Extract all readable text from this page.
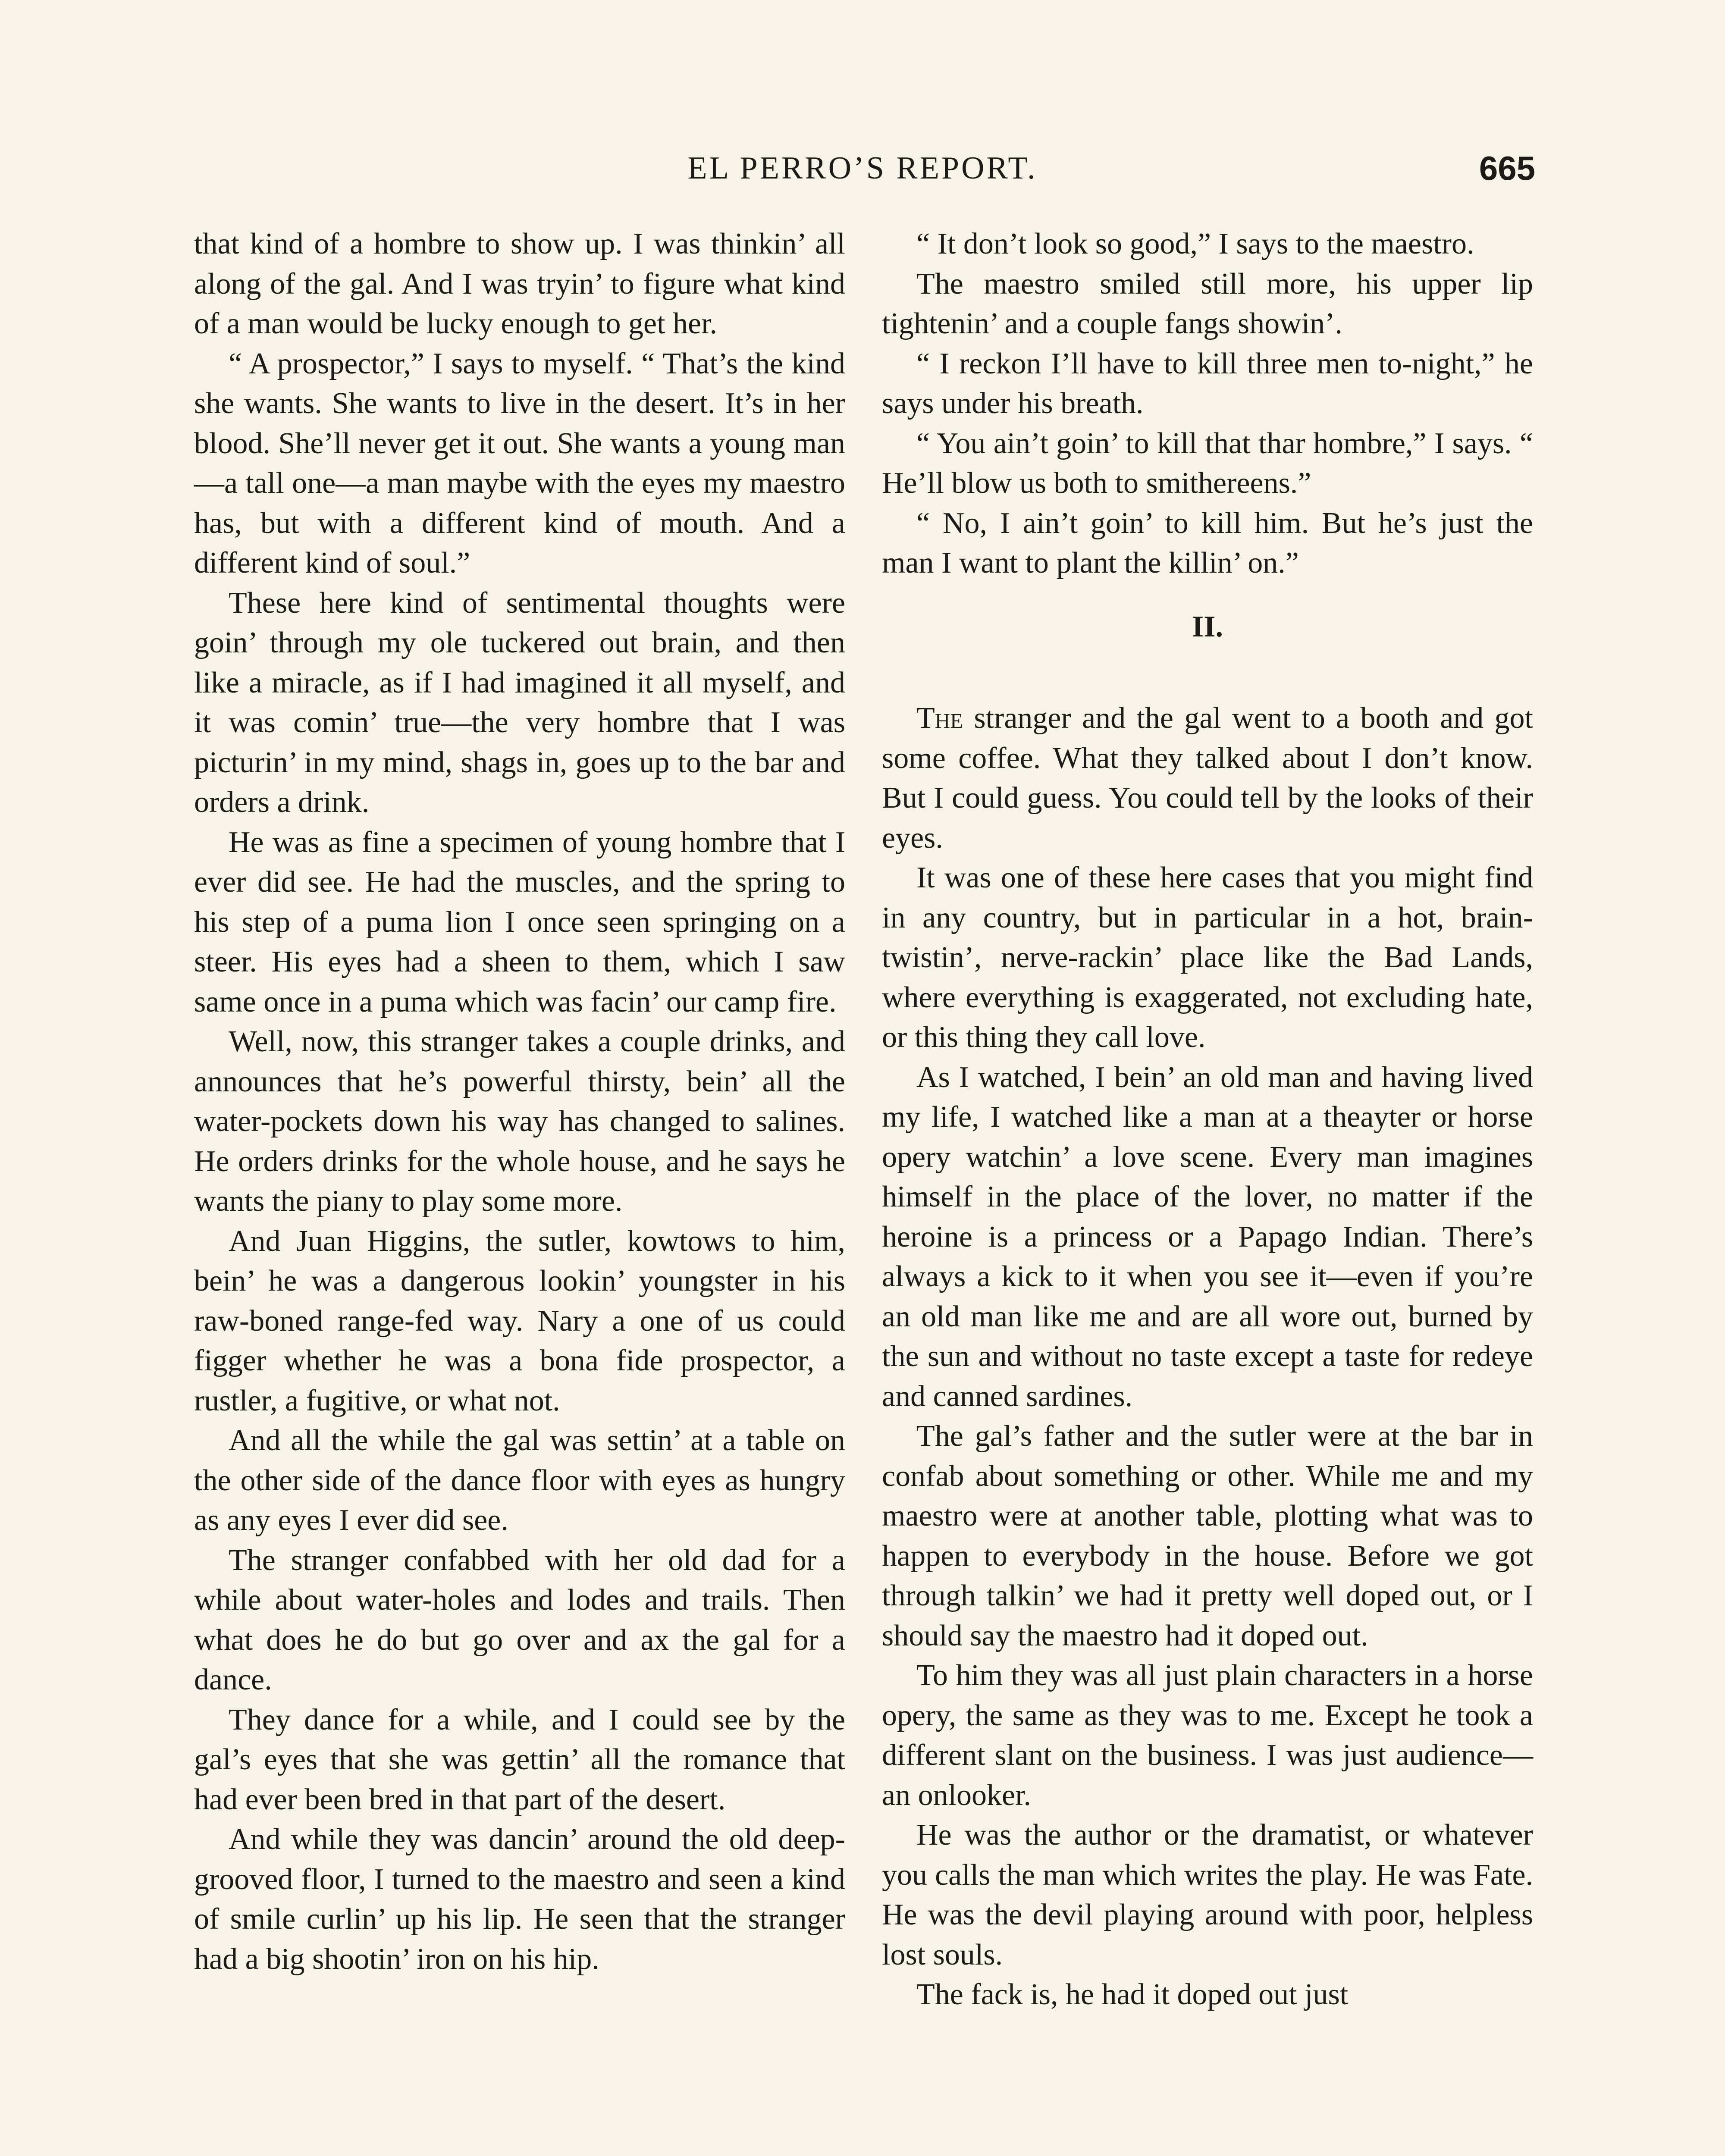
EL PERRO’S REPORT.	665

that kind of a hombre to show up. I was thinkin’ all along of the gal. And I was tryin’ to figure what kind of a man would be lucky enough to get her.

“ A prospector,” I says to myself. “ That’s the kind she wants. She wants to live in the desert. It’s in her blood. She’ll never get it out. She wants a young man—a tall one—a man maybe with the eyes my maestro has, but with a different kind of mouth. And a different kind of soul.”

These here kind of sentimental thoughts were goin’ through my ole tuckered out brain, and then like a miracle, as if I had imagined it all myself, and it was comin’ true—the very hombre that I was picturin’ in my mind, shags in, goes up to the bar and orders a drink.

He was as fine a specimen of young hombre that I ever did see. He had the muscles, and the spring to his step of a puma lion I once seen springing on a steer. His eyes had a sheen to them, which I saw same once in a puma which was facin’ our camp fire.

Well, now, this stranger takes a couple drinks, and announces that he’s powerful thirsty, bein’ all the water-pockets down his way has changed to salines. He orders drinks for the whole house, and he says he wants the piany to play some more.

And Juan Higgins, the sutler, kowtows to him, bein’ he was a dangerous lookin’ youngster in his raw-boned range-fed way. Nary a one of us could figger whether he was a bona fide prospector, a rustler, a fugitive, or what not.

And all the while the gal was settin’ at a table on the other side of the dance floor with eyes as hungry as any eyes I ever did see.

The stranger confabbed with her old dad for a while about water-holes and lodes and trails. Then what does he do but go over and ax the gal for a dance.

They dance for a while, and I could see by the gal’s eyes that she was gettin’ all the romance that had ever been bred in that part of the desert.

And while they was dancin’ around the old deep-grooved floor, I turned to the maestro and seen a kind of smile curlin’ up his lip. He seen that the stranger had a big shootin’ iron on his hip.

“ It don’t look so good,” I says to the maestro.

The maestro smiled still more, his upper lip tightenin’ and a couple fangs showin’.

“ I reckon I’ll have to kill three men to-night,” he says under his breath.

“ You ain’t goin’ to kill that thar hombre,” I says. “ He’ll blow us both to smithereens.”

“ No, I ain’t goin’ to kill him. But he’s just the man I want to plant the killin’ on.”

II.

The stranger and the gal went to a booth and got some coffee. What they talked about I don’t know. But I could guess. You could tell by the looks of their eyes.

It was one of these here cases that you might find in any country, but in particular in a hot, brain-twistin’, nerve-rackin’ place like the Bad Lands, where everything is exaggerated, not excluding hate, or this thing they call love.

As I watched, I bein’ an old man and having lived my life, I watched like a man at a theayter or horse opery watchin’ a love scene. Every man imagines himself in the place of the lover, no matter if the heroine is a princess or a Papago Indian. There’s always a kick to it when you see it—even if you’re an old man like me and are all wore out, burned by the sun and without no taste except a taste for redeye and canned sardines.

The gal’s father and the sutler were at the bar in confab about something or other. While me and my maestro were at another table, plotting what was to happen to everybody in the house. Before we got through talkin’ we had it pretty well doped out, or I should say the maestro had it doped out.

To him they was all just plain characters in a horse opery, the same as they was to me. Except he took a different slant on the business. I was just audience—an onlooker.

He was the author or the dramatist, or whatever you calls the man which writes the play. He was Fate. He was the devil playing around with poor, helpless lost souls.

The fack is, he had it doped out just
